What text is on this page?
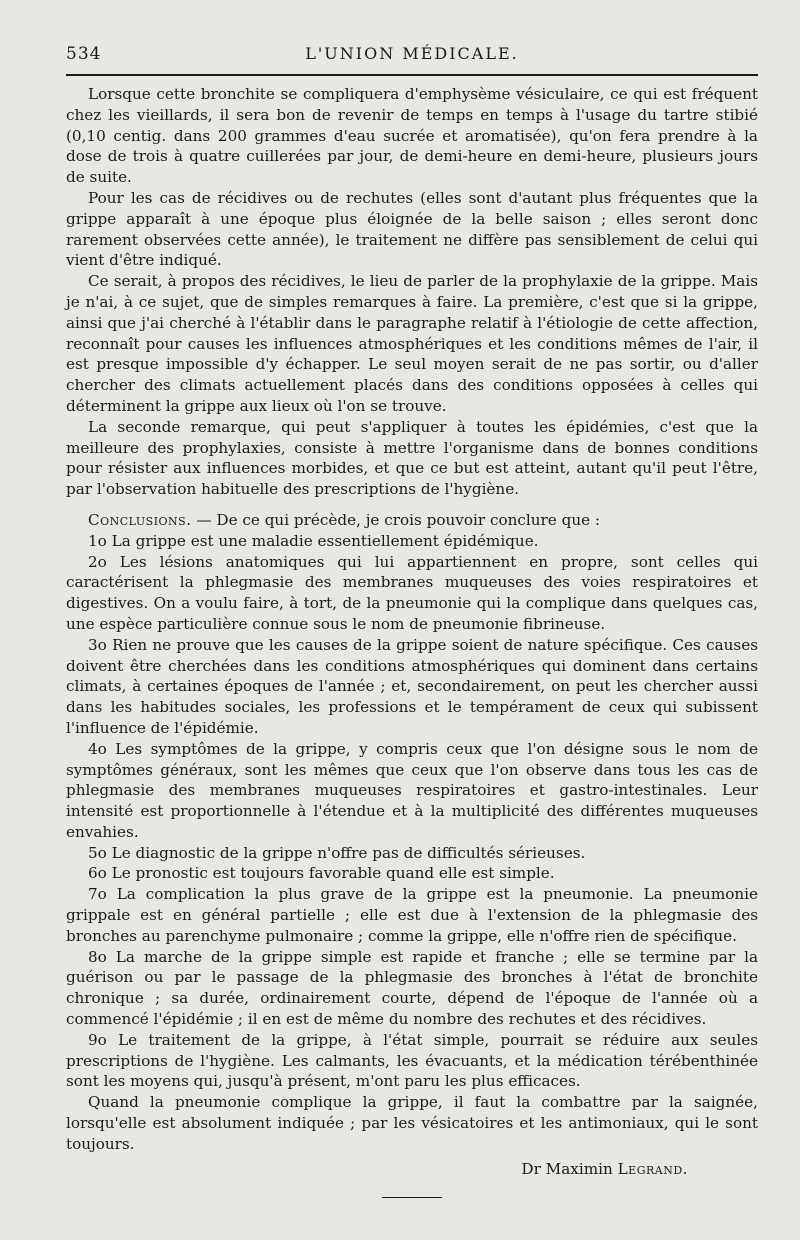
534	L'UNION MÉDICALE.

Lorsque cette bronchite se compliquera d'emphysème vésiculaire, ce qui est fréquent chez les vieillards, il sera bon de revenir de temps en temps à l'usage du tartre stibié (0,10 centig. dans 200 grammes d'eau sucrée et aromatisée), qu'on fera prendre à la dose de trois à quatre cuillerées par jour, de demi-heure en demi-heure, plusieurs jours de suite.

Pour les cas de récidives ou de rechutes (elles sont d'autant plus fréquentes que la grippe apparaît à une époque plus éloignée de la belle saison ; elles seront donc rarement observées cette année), le traitement ne diffère pas sensiblement de celui qui vient d'être indiqué.

Ce serait, à propos des récidives, le lieu de parler de la prophylaxie de la grippe. Mais je n'ai, à ce sujet, que de simples remarques à faire. La première, c'est que si la grippe, ainsi que j'ai cherché à l'établir dans le paragraphe relatif à l'étiologie de cette affection, reconnaît pour causes les influences atmosphériques et les conditions mêmes de l'air, il est presque impossible d'y échapper. Le seul moyen serait de ne pas sortir, ou d'aller chercher des climats actuellement placés dans des conditions opposées à celles qui déterminent la grippe aux lieux où l'on se trouve.

La seconde remarque, qui peut s'appliquer à toutes les épidémies, c'est que la meilleure des prophylaxies, consiste à mettre l'organisme dans de bonnes conditions pour résister aux influences morbides, et que ce but est atteint, autant qu'il peut l'être, par l'observation habituelle des prescriptions de l'hygiène.

Conclusions. — De ce qui précède, je crois pouvoir conclure que :

1o La grippe est une maladie essentiellement épidémique.

2o Les lésions anatomiques qui lui appartiennent en propre, sont celles qui caractérisent la phlegmasie des membranes muqueuses des voies respiratoires et digestives. On a voulu faire, à tort, de la pneumonie qui la complique dans quelques cas, une espèce particulière connue sous le nom de pneumonie fibrineuse.

3o Rien ne prouve que les causes de la grippe soient de nature spécifique. Ces causes doivent être cherchées dans les conditions atmosphériques qui dominent dans certains climats, à certaines époques de l'année ; et, secondairement, on peut les chercher aussi dans les habitudes sociales, les professions et le tempérament de ceux qui subissent l'influence de l'épidémie.

4o Les symptômes de la grippe, y compris ceux que l'on désigne sous le nom de symptômes généraux, sont les mêmes que ceux que l'on observe dans tous les cas de phlegmasie des membranes muqueuses respiratoires et gastro-intestinales. Leur intensité est proportionnelle à l'étendue et à la multiplicité des différentes muqueuses envahies.

5o Le diagnostic de la grippe n'offre pas de difficultés sérieuses.

6o Le pronostic est toujours favorable quand elle est simple.

7o La complication la plus grave de la grippe est la pneumonie. La pneumonie grippale est en général partielle ; elle est due à l'extension de la phlegmasie des bronches au parenchyme pulmonaire ; comme la grippe, elle n'offre rien de spécifique.

8o La marche de la grippe simple est rapide et franche ; elle se termine par la guérison ou par le passage de la phlegmasie des bronches à l'état de bronchite chronique ; sa durée, ordinairement courte, dépend de l'époque de l'année où a commencé l'épidémie ; il en est de même du nombre des rechutes et des récidives.

9o Le traitement de la grippe, à l'état simple, pourrait se réduire aux seules prescriptions de l'hygiène. Les calmants, les évacuants, et la médication térébenthinée sont les moyens qui, jusqu'à présent, m'ont paru les plus efficaces.

Quand la pneumonie complique la grippe, il faut la combattre par la saignée, lorsqu'elle est absolument indiquée ; par les vésicatoires et les antimoniaux, qui le sont toujours.

Dr Maximin Legrand.
